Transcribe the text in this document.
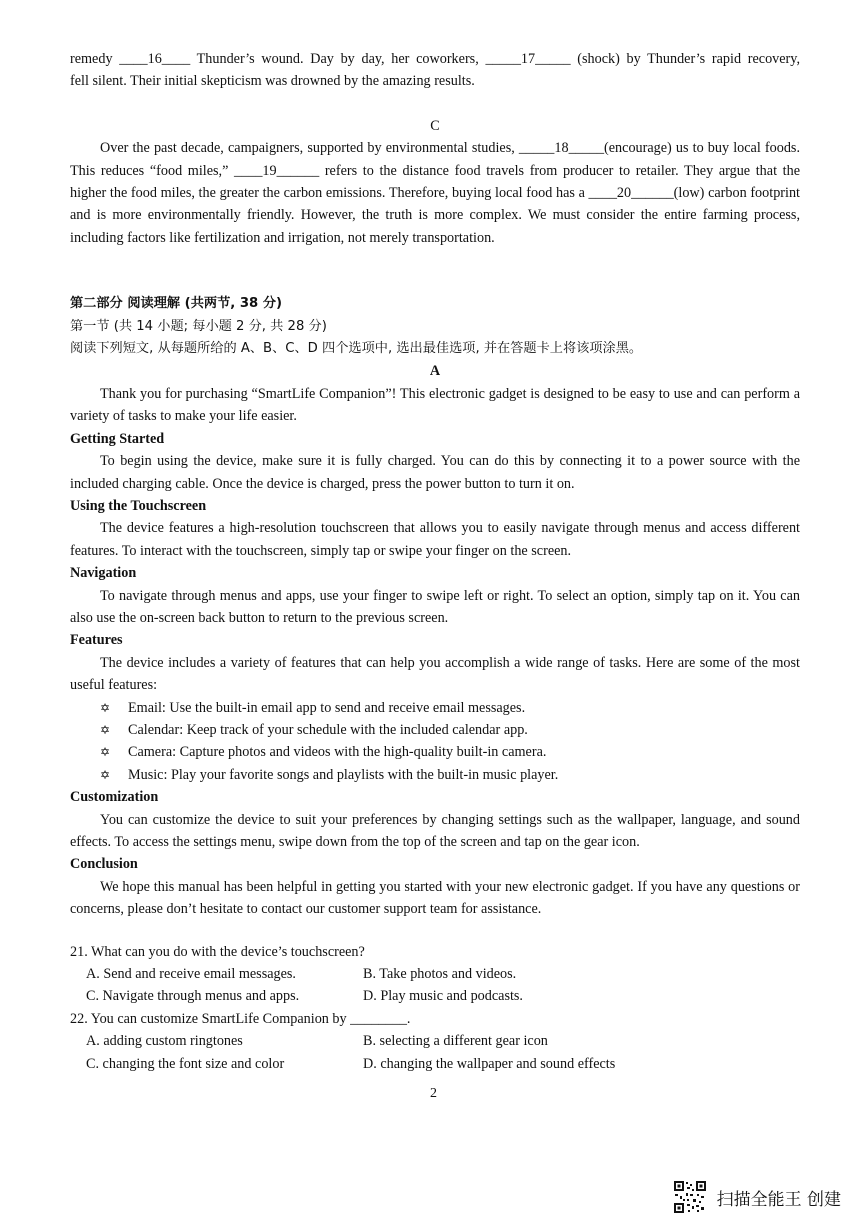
remedy ____16____ Thunder’s wound. Day by day, her coworkers, _____17_____ (shock) by Thunder’s rapid recovery,

fell silent. Their initial skepticism was drowned by the amazing results.

C

Over the past decade, campaigners, supported by environmental studies, _____18_____(encourage) us to buy local foods. This reduces “food miles,” ____19______ refers to the distance food travels from producer to retailer. They argue that the higher the food miles, the greater the carbon emissions. Therefore, buying local food has a ____20______(low) carbon footprint and is more environmentally friendly. However, the truth is more complex. We must consider the entire farming process, including factors like fertilization and irrigation, not merely transportation.

第二部分 阅读理解 (共两节, 38 分)

第一节 (共 14 小题; 每小题 2 分, 共 28 分)

阅读下列短文, 从每题所给的 A、B、C、D 四个选项中, 选出最佳选项, 并在答题卡上将该项涂黑。

A

Thank you for purchasing “SmartLife Companion”! This electronic gadget is designed to be easy to use and can perform a variety of tasks to make your life easier.

Getting Started

To begin using the device, make sure it is fully charged. You can do this by connecting it to a power source with the included charging cable. Once the device is charged, press the power button to turn it on.

Using the Touchscreen

The device features a high-resolution touchscreen that allows you to easily navigate through menus and access different features. To interact with the touchscreen, simply tap or swipe your finger on the screen.

Navigation

To navigate through menus and apps, use your finger to swipe left or right. To select an option, simply tap on it. You can also use the on-screen back button to return to the previous screen.

Features

The device includes a variety of features that can help you accomplish a wide range of tasks. Here are some of the most useful features:

✡ Email: Use the built-in email app to send and receive email messages.
✡ Calendar: Keep track of your schedule with the included calendar app.
✡ Camera: Capture photos and videos with the high-quality built-in camera.
✡ Music: Play your favorite songs and playlists with the built-in music player.

Customization

You can customize the device to suit your preferences by changing settings such as the wallpaper, language, and sound effects. To access the settings menu, swipe down from the top of the screen and tap on the gear icon.

Conclusion

We hope this manual has been helpful in getting you started with your new electronic gadget. If you have any questions or concerns, please don’t hesitate to contact our customer support team for assistance.

21. What can you do with the device’s touchscreen?

A. Send and receive email messages.	B. Take photos and videos.
C. Navigate through menus and apps.	D. Play music and podcasts.

22. You can customize SmartLife Companion by ________.

A. adding custom ringtones	B. selecting a different gear icon
C. changing the font size and color	D. changing the wallpaper and sound effects
2
扫描全能王 创建
